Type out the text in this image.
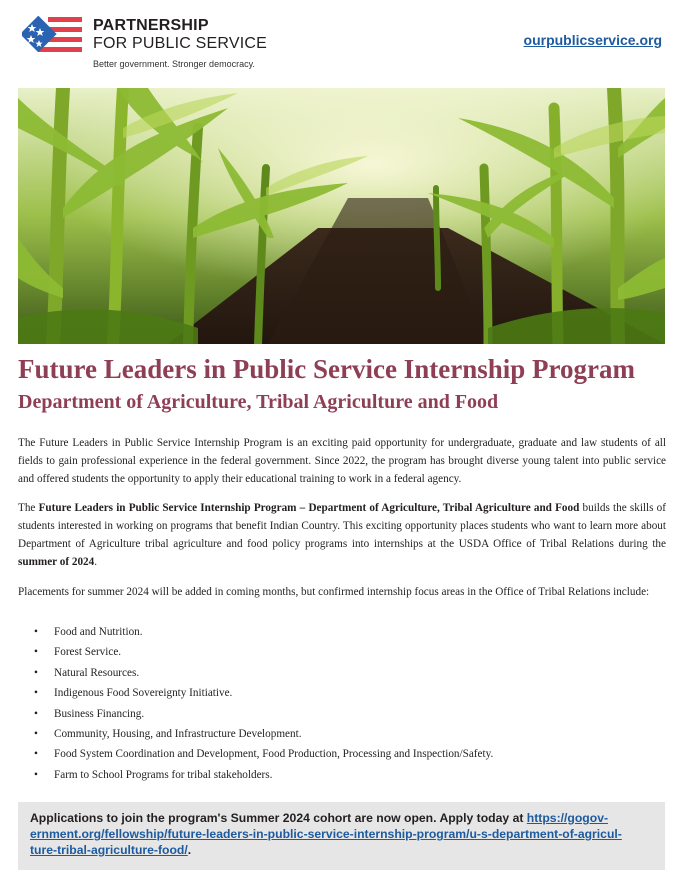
PARTNERSHIP
FOR PUBLIC SERVICE
Better government. Stronger democracy.
ourpublicservice.org
Future Leaders in Public Service Internship Program
Department of Agriculture, Tribal Agriculture and Food

The Future Leaders in Public Service Internship Program is an exciting paid opportunity for undergraduate, graduate and law students of all fields to gain professional experience in the federal government. Since 2022, the program has brought diverse young talent into public service and offered students the opportunity to apply their educational training to work in a federal agency.

The Future Leaders in Public Service Internship Program – Department of Agriculture, Tribal Agriculture and Food builds the skills of students interested in working on programs that benefit Indian Country. This exciting opportunity places students who want to learn more about Department of Agriculture tribal agriculture and food policy programs into internships at the USDA Office of Tribal Relations during the summer of 2024.

Placements for summer 2024 will be added in coming months, but confirmed internship focus areas in the Office of Tribal Relations include:

• Food and Nutrition.
• Forest Service.
• Natural Resources.
• Indigenous Food Sovereignty Initiative.
• Business Financing.
• Community, Housing, and Infrastructure Development.
• Food System Coordination and Development, Food Production, Processing and Inspection/Safety.
• Farm to School Programs for tribal stakeholders.
Applications to join the program's Summer 2024 cohort are now open. Apply today at https://gogov-
ernment.org/fellowship/future-leaders-in-public-service-internship-program/u-s-department-of-agricul-
ture-tribal-agriculture-food/.
